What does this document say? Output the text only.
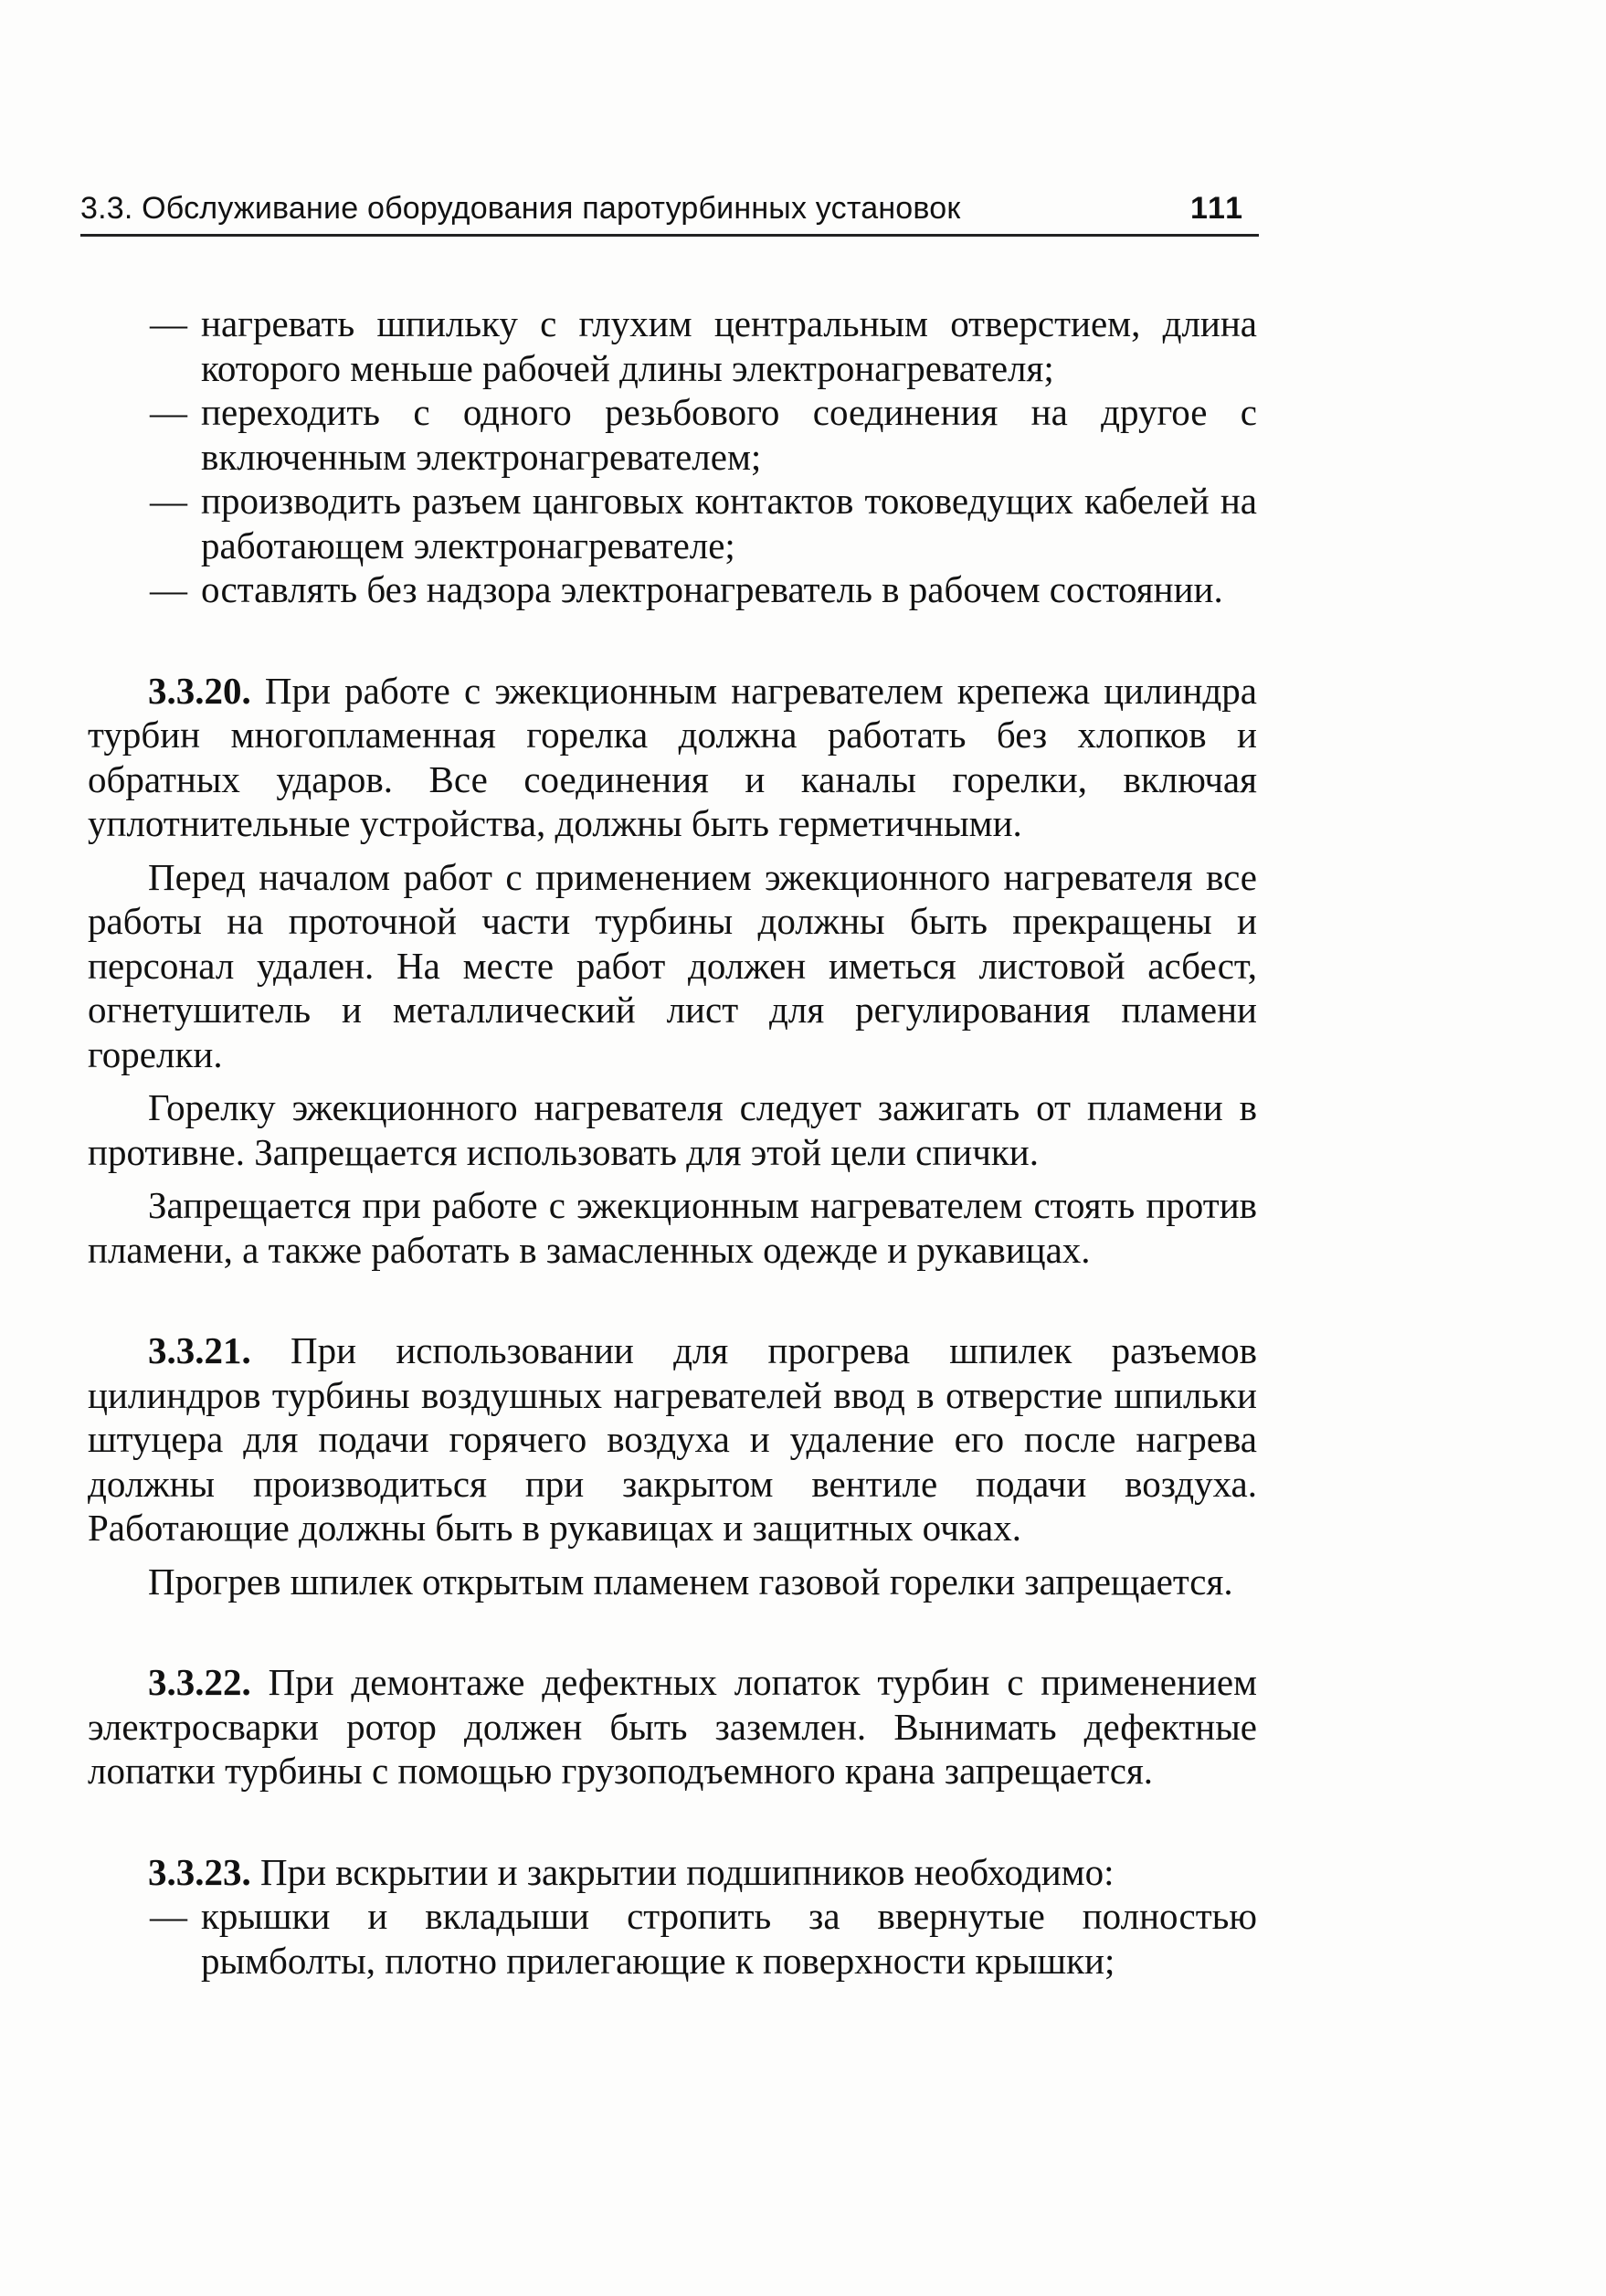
3.3. Обслуживание оборудования паротурбинных установок	111
— нагревать шпильку с глухим центральным отверстием, длина которого меньше рабочей длины электронагревателя;
— переходить с одного резьбового соединения на другое с включенным электронагревателем;
— производить разъем цанговых контактов токоведущих кабелей на работающем электронагревателе;
— оставлять без надзора электронагреватель в рабочем состоянии.

3.3.20. При работе с эжекционным нагревателем крепежа цилиндра турбин многопламенная горелка должна работать без хлопков и обратных ударов. Все соединения и каналы горелки, включая уплотнительные устройства, должны быть герметичными.

Перед началом работ с применением эжекционного нагревателя все работы на проточной части турбины должны быть прекращены и персонал удален. На месте работ должен иметься листовой асбест, огнетушитель и металлический лист для регулирования пламени горелки.

Горелку эжекционного нагревателя следует зажигать от пламени в противне. Запрещается использовать для этой цели спички.

Запрещается при работе с эжекционным нагревателем стоять против пламени, а также работать в замасленных одежде и рукавицах.

3.3.21. При использовании для прогрева шпилек разъемов цилиндров турбины воздушных нагревателей ввод в отверстие шпильки штуцера для подачи горячего воздуха и удаление его после нагрева должны производиться при закрытом вентиле подачи воздуха. Работающие должны быть в рукавицах и защитных очках.

Прогрев шпилек открытым пламенем газовой горелки запрещается.

3.3.22. При демонтаже дефектных лопаток турбин с применением электросварки ротор должен быть заземлен. Вынимать дефектные лопатки турбины с помощью грузоподъемного крана запрещается.

3.3.23. При вскрытии и закрытии подшипников необходимо:

— крышки и вкладыши стропить за ввернутые полностью рымболты, плотно прилегающие к поверхности крышки;
